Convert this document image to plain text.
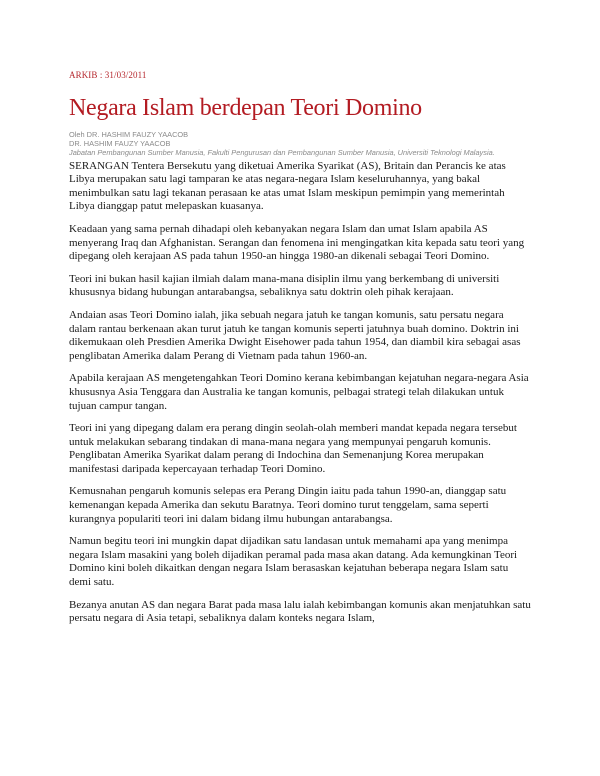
ARKIB : 31/03/2011
Negara Islam berdepan Teori Domino
Oleh DR. HASHIM FAUZY YAACOB
DR. HASHIM FAUZY YAACOB
Jabatan Pembangunan Sumber Manusia, Fakulti Pengurusan dan Pembangunan Sumber Manusia, Universiti Teknologi Malaysia.

SERANGAN Tentera Bersekutu yang diketuai Amerika Syarikat (AS), Britain dan Perancis ke atas Libya merupakan satu lagi tamparan ke atas negara-negara Islam keseluruhannya, yang bakal menimbulkan satu lagi tekanan perasaan ke atas umat Islam meskipun pemimpin yang memerintah Libya dianggap patut melepaskan kuasanya.

Keadaan yang sama pernah dihadapi oleh kebanyakan negara Islam dan umat Islam apabila AS menyerang Iraq dan Afghanistan. Serangan dan fenomena ini mengingatkan kita kepada satu teori yang dipegang oleh kerajaan AS pada tahun 1950-an hingga 1980-an dikenali sebagai Teori Domino.

Teori ini bukan hasil kajian ilmiah dalam mana-mana disiplin ilmu yang berkembang di universiti khususnya bidang hubungan antarabangsa, sebaliknya satu doktrin oleh pihak kerajaan.

Andaian asas Teori Domino ialah, jika sebuah negara jatuh ke tangan komunis, satu persatu negara dalam rantau berkenaan akan turut jatuh ke tangan komunis seperti jatuhnya buah domino. Doktrin ini dikemukaan oleh Presdien Amerika Dwight Eisehower pada tahun 1954, dan diambil kira sebagai asas penglibatan Amerika dalam Perang di Vietnam pada tahun 1960-an.

Apabila kerajaan AS mengetengahkan Teori Domino kerana kebimbangan kejatuhan negara-negara Asia khususnya Asia Tenggara dan Australia ke tangan komunis, pelbagai strategi telah dilakukan untuk tujuan campur tangan.

Teori ini yang dipegang dalam era perang dingin seolah-olah memberi mandat kepada negara tersebut untuk melakukan sebarang tindakan di mana-mana negara yang mempunyai pengaruh komunis. Penglibatan Amerika Syarikat dalam perang di Indochina dan Semenanjung Korea merupakan manifestasi daripada kepercayaan terhadap Teori Domino.

Kemusnahan pengaruh komunis selepas era Perang Dingin iaitu pada tahun 1990-an, dianggap satu kemenangan kepada Amerika dan sekutu Baratnya. Teori domino turut tenggelam, sama seperti kurangnya populariti teori ini dalam bidang ilmu hubungan antarabangsa.

Namun begitu teori ini mungkin dapat dijadikan satu landasan untuk memahami apa yang menimpa negara Islam masakini yang boleh dijadikan peramal pada masa akan datang. Ada kemungkinan Teori Domino kini boleh dikaitkan dengan negara Islam berasaskan kejatuhan beberapa negara Islam satu demi satu.

Bezanya anutan AS dan negara Barat pada masa lalu ialah kebimbangan komunis akan menjatuhkan satu persatu negara di Asia tetapi, sebaliknya dalam konteks negara Islam,
